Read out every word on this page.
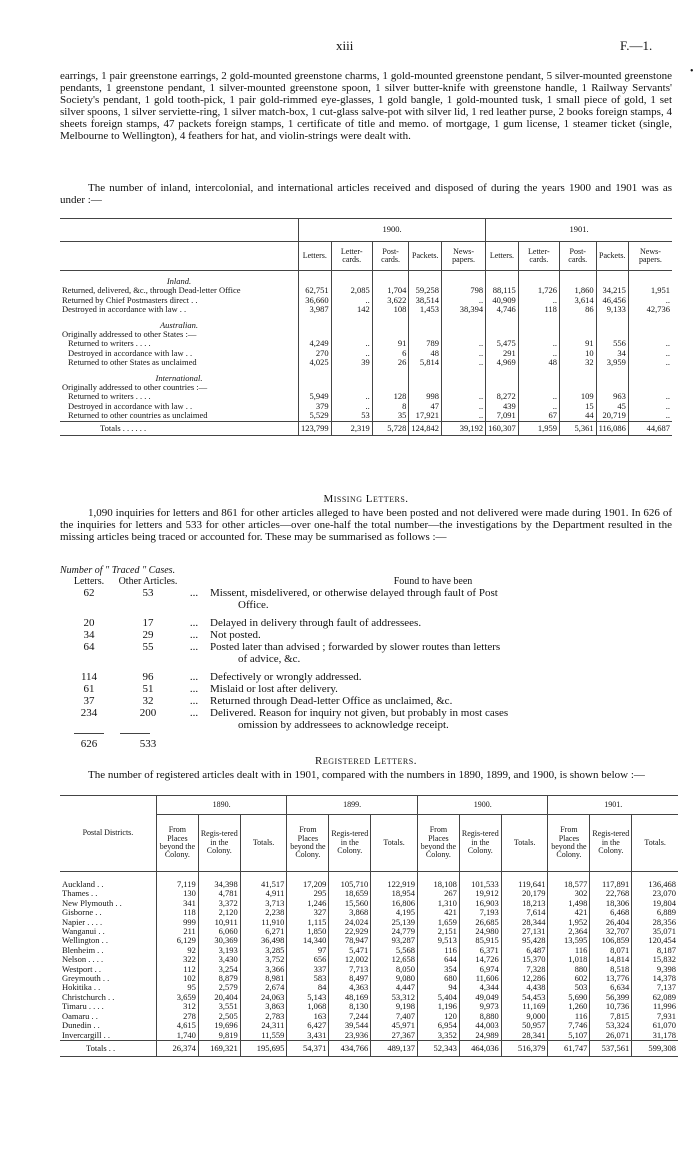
xiii	F.—1.
•
earrings, 1 pair greenstone earrings, 2 gold-mounted greenstone charms, 1 gold-mounted greenstone pendant, 5 silver-mounted greenstone pendants, 1 greenstone pendant, 1 silver-mounted greenstone spoon, 1 silver butter-knife with greenstone handle, 1 Railway Servants' Society's pendant, 1 gold tooth-pick, 1 pair gold-rimmed eye-glasses, 1 gold bangle, 1 gold-mounted tusk, 1 small piece of gold, 1 set silver spoons, 1 silver serviette-ring, 1 silver match-box, 1 cut-glass salve-pot with silver lid, 1 red leather purse, 2 books foreign stamps, 4 sheets foreign stamps, 47 packets foreign stamps, 1 certificate of title and memo. of mortgage, 1 gum license, 1 steamer ticket (single, Melbourne to Wellington), 4 feathers for hat, and violin-strings were dealt with.
The number of inland, intercolonial, and international articles received and disposed of during the years 1900 and 1901 was as under :—
	1900.					1901.				
	Letters.	Letter-cards.	Post-cards.	Packets.	News-papers.	Letters.	Letter-cards.	Post-cards.	Packets.	News-papers.

Inland.										
Returned, delivered, &c., through Dead-letter Office	62,751	2,085	1,704	59,258	798	88,115	1,726	1,860	34,215	1,951
Returned by Chief Postmasters direct . .	36,660	..	3,622	38,514	..	40,909	..	3,614	46,456	..
Destroyed in accordance with law . .	3,987	142	108	1,453	38,394	4,746	118	86	9,133	42,736

Australian.										
Originally addressed to other States :—										
Returned to writers . . . .	4,249	..	91	789	..	5,475	..	91	556	..
Destroyed in accordance with law . .	270	..	6	48	..	291	..	10	34	..
Returned to other States as unclaimed	4,025	39	26	5,814	..	4,969	48	32	3,959	..

International.										
Originally addressed to other countries :—										
Returned to writers . . . .	5,949	..	128	998	..	8,272	..	109	963	..
Destroyed in accordance with law . .	379	..	8	47	..	439	..	15	45	..
Returned to other countries as unclaimed	5,529	53	35	17,921	..	7,091	67	44	20,719	..
Totals . . . . . .	123,799	2,319	5,728	124,842	39,192	160,307	1,959	5,361	116,086	44,687
Missing Letters.
1,090 inquiries for letters and 861 for other articles alleged to have been posted and not delivered were made during 1901. In 626 of the inquiries for letters and 533 for other articles—over one-half the total number—the investigations by the Department resulted in the missing articles being traced or accounted for. These may be summarised as follows :—
Number of " Traced " Cases.
Letters.	Other Articles.	Found to have been
62	53	...	Missent, misdelivered, or otherwise delayed through fault of Post
Office.
20	17	...	Delayed in delivery through fault of addressees.
34	29	...	Not posted.
64	55	...	Posted later than advised ; forwarded by slower routes than letters
of advice, &c.
114	96	...	Defectively or wrongly addressed.
61	51	...	Mislaid or lost after delivery.
37	32	...	Returned through Dead-letter Office as unclaimed, &c.
234	200	...	Delivered. Reason for inquiry not given, but probably in most cases
omission by addressees to acknowledge receipt.
626	533
Registered Letters.
The number of registered articles dealt with in 1901, compared with the numbers in 1890, 1899, and 1900, is shown below :—
Postal Districts.	1890.			1899.			1900.			1901.		
	From Places beyond the Colony.	Regis-tered in the Colony.	Totals.	From Places beyond the Colony.	Regis-tered in the Colony.	Totals.	From Places beyond the Colony.	Regis-tered in the Colony.	Totals.	From Places beyond the Colony.	Regis-tered in the Colony.	Totals.
Auckland . .	7,119	34,398	41,517	17,209	105,710	122,919	18,108	101,533	119,641	18,577	117,891	136,468
Thames . .	130	4,781	4,911	295	18,659	18,954	267	19,912	20,179	302	22,768	23,070
New Plymouth . .	341	3,372	3,713	1,246	15,560	16,806	1,310	16,903	18,213	1,498	18,306	19,804
Gisborne . .	118	2,120	2,238	327	3,868	4,195	421	7,193	7,614	421	6,468	6,889
Napier . . . .	999	10,911	11,910	1,115	24,024	25,139	1,659	26,685	28,344	1,952	26,404	28,356
Wanganui . .	211	6,060	6,271	1,850	22,929	24,779	2,151	24,980	27,131	2,364	32,707	35,071
Wellington . .	6,129	30,369	36,498	14,340	78,947	93,287	9,513	85,915	95,428	13,595	106,859	120,454
Blenheim . .	92	3,193	3,285	97	5,471	5,568	116	6,371	6,487	116	8,071	8,187
Nelson . . . .	322	3,430	3,752	656	12,002	12,658	644	14,726	15,370	1,018	14,814	15,832
Westport . .	112	3,254	3,366	337	7,713	8,050	354	6,974	7,328	880	8,518	9,398
Greymouth . .	102	8,879	8,981	583	8,497	9,080	680	11,606	12,286	602	13,776	14,378
Hokitika . .	95	2,579	2,674	84	4,363	4,447	94	4,344	4,438	503	6,634	7,137
Christchurch . .	3,659	20,404	24,063	5,143	48,169	53,312	5,404	49,049	54,453	5,690	56,399	62,089
Timaru . . . .	312	3,551	3,863	1,068	8,130	9,198	1,196	9,973	11,169	1,260	10,736	11,996
Oamaru . .	278	2,505	2,783	163	7,244	7,407	120	8,880	9,000	116	7,815	7,931
Dunedin . .	4,615	19,696	24,311	6,427	39,544	45,971	6,954	44,003	50,957	7,746	53,324	61,070
Invercargill . .	1,740	9,819	11,559	3,431	23,936	27,367	3,352	24,989	28,341	5,107	26,071	31,178
Totals . .	26,374	169,321	195,695	54,371	434,766	489,137	52,343	464,036	516,379	61,747	537,561	599,308
